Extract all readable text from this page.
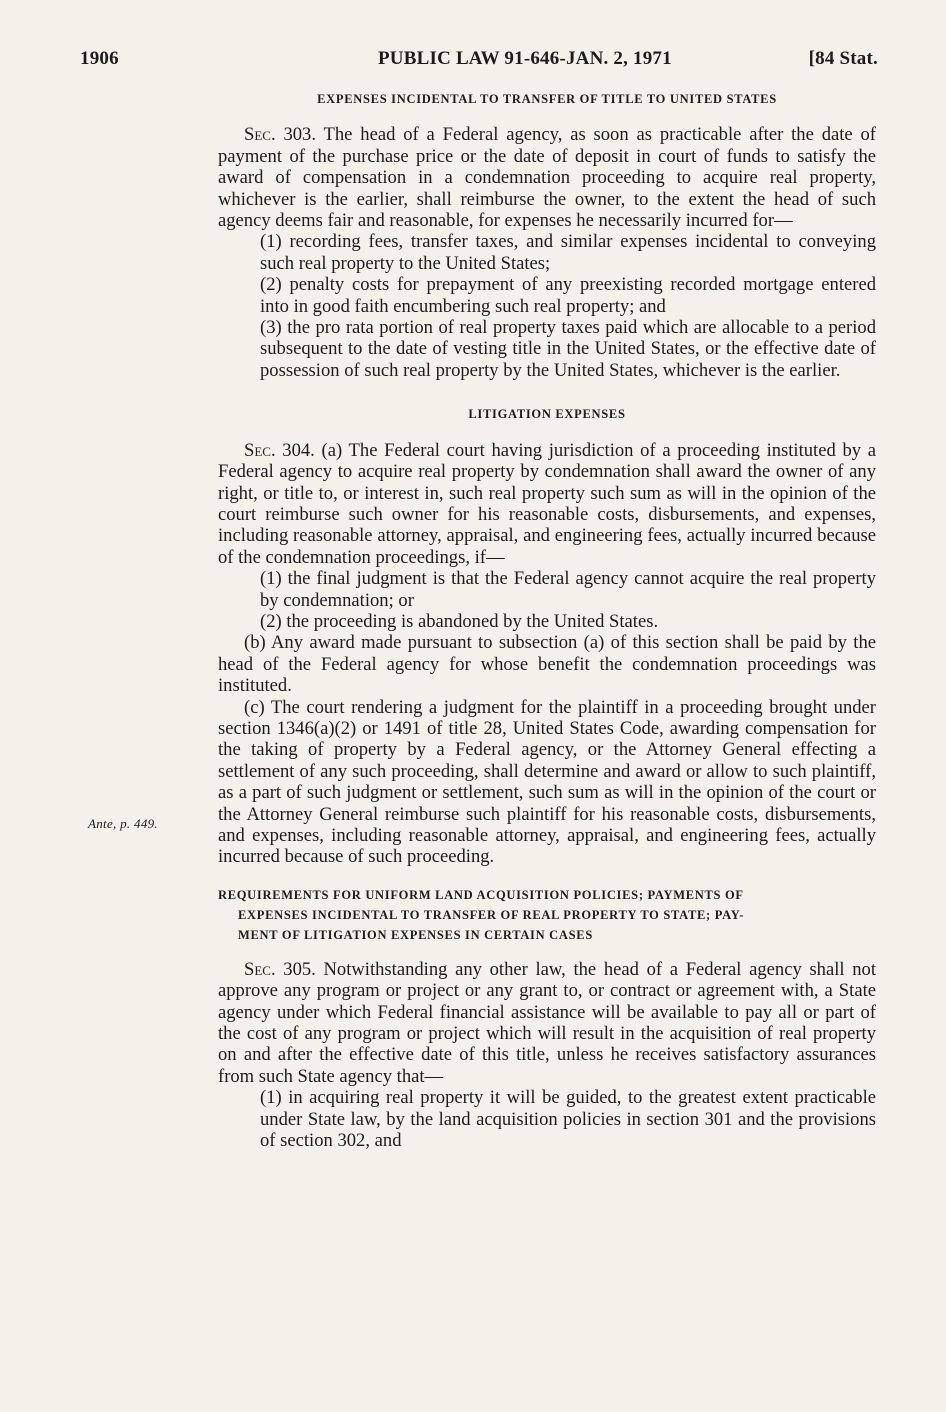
1906	PUBLIC LAW 91-646-JAN. 2, 1971	[84 Stat.
Ante, p. 449.
EXPENSES INCIDENTAL TO TRANSFER OF TITLE TO UNITED STATES

Sec. 303. The head of a Federal agency, as soon as practicable after the date of payment of the purchase price or the date of deposit in court of funds to satisfy the award of compensation in a condemnation proceeding to acquire real property, whichever is the earlier, shall reimburse the owner, to the extent the head of such agency deems fair and reasonable, for expenses he necessarily incurred for—

(1) recording fees, transfer taxes, and similar expenses incidental to conveying such real property to the United States;

(2) penalty costs for prepayment of any preexisting recorded mortgage entered into in good faith encumbering such real property; and

(3) the pro rata portion of real property taxes paid which are allocable to a period subsequent to the date of vesting title in the United States, or the effective date of possession of such real property by the United States, whichever is the earlier.

LITIGATION EXPENSES

Sec. 304. (a) The Federal court having jurisdiction of a proceeding instituted by a Federal agency to acquire real property by condemnation shall award the owner of any right, or title to, or interest in, such real property such sum as will in the opinion of the court reimburse such owner for his reasonable costs, disbursements, and expenses, including reasonable attorney, appraisal, and engineering fees, actually incurred because of the condemnation proceedings, if—

(1) the final judgment is that the Federal agency cannot acquire the real property by condemnation; or

(2) the proceeding is abandoned by the United States.

(b) Any award made pursuant to subsection (a) of this section shall be paid by the head of the Federal agency for whose benefit the condemnation proceedings was instituted.

(c) The court rendering a judgment for the plaintiff in a proceeding brought under section 1346(a)(2) or 1491 of title 28, United States Code, awarding compensation for the taking of property by a Federal agency, or the Attorney General effecting a settlement of any such proceeding, shall determine and award or allow to such plaintiff, as a part of such judgment or settlement, such sum as will in the opinion of the court or the Attorney General reimburse such plaintiff for his reasonable costs, disbursements, and expenses, including reasonable attorney, appraisal, and engineering fees, actually incurred because of such proceeding.

REQUIREMENTS FOR UNIFORM LAND ACQUISITION POLICIES; PAYMENTS OF
EXPENSES INCIDENTAL TO TRANSFER OF REAL PROPERTY TO STATE; PAY-
MENT OF LITIGATION EXPENSES IN CERTAIN CASES

Sec. 305. Notwithstanding any other law, the head of a Federal agency shall not approve any program or project or any grant to, or contract or agreement with, a State agency under which Federal financial assistance will be available to pay all or part of the cost of any program or project which will result in the acquisition of real property on and after the effective date of this title, unless he receives satisfactory assurances from such State agency that—

(1) in acquiring real property it will be guided, to the greatest extent practicable under State law, by the land acquisition policies in section 301 and the provisions of section 302, and
